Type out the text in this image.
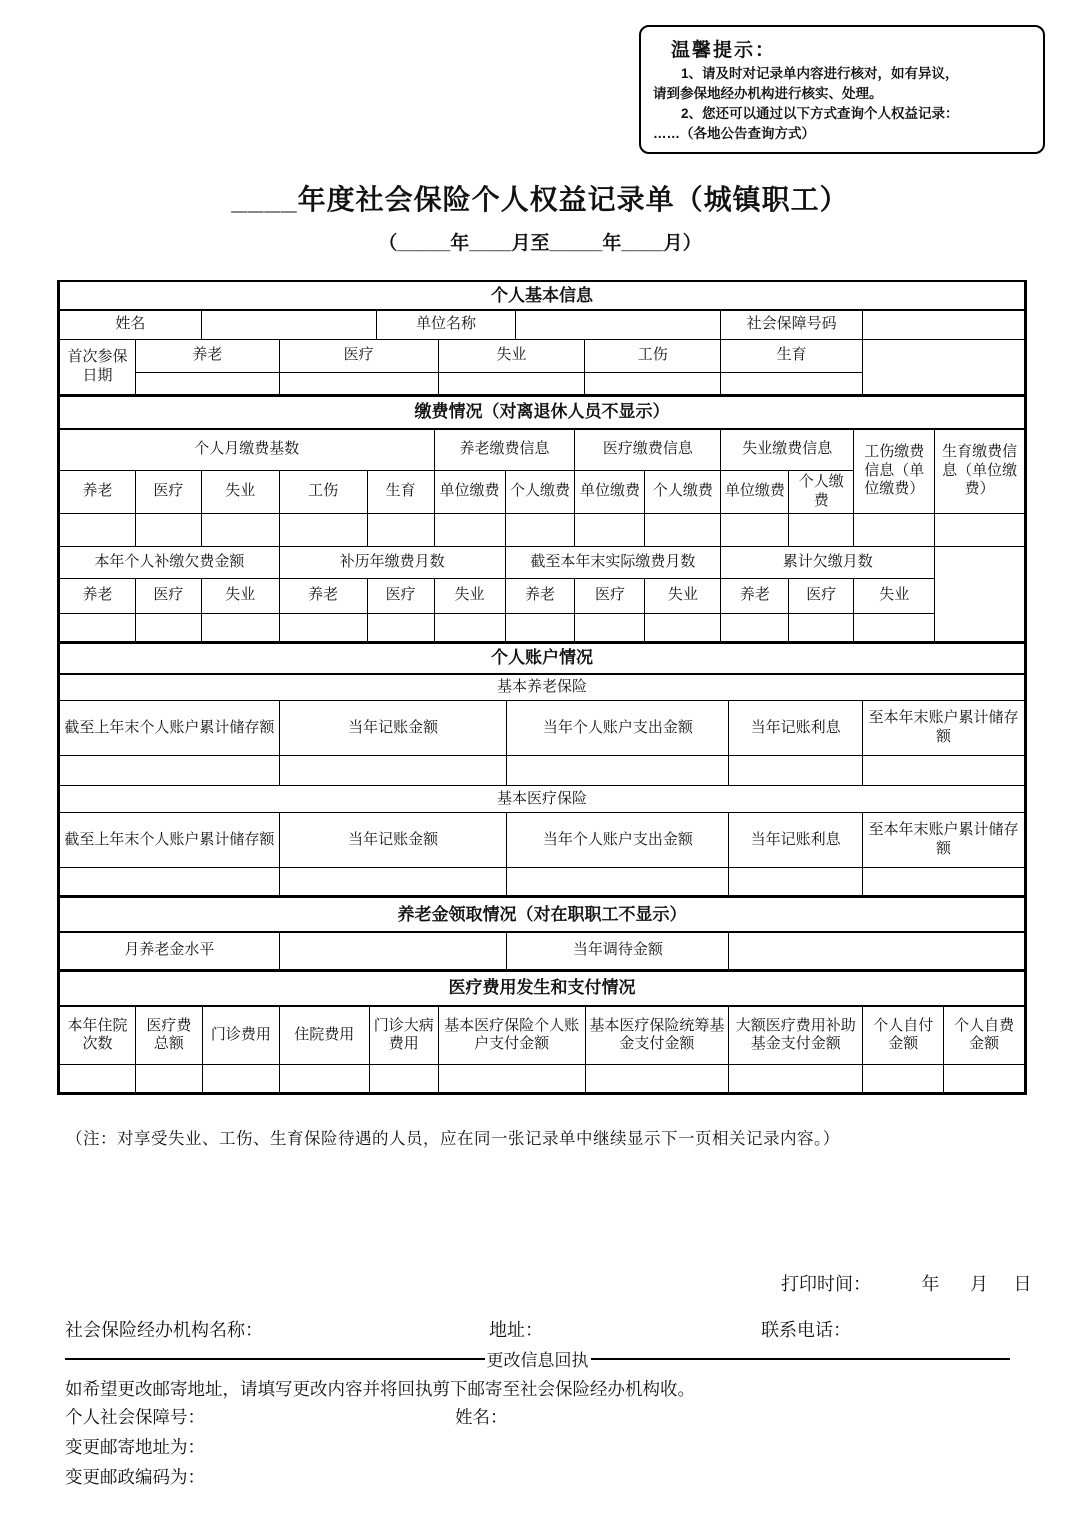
温馨提示：
1、请及时对记录单内容进行核对，如有异议，
请到参保地经办机构进行核实、处理。
2、您还可以通过以下方式查询个人权益记录：
……（各地公告查询方式）
____年度社会保险个人权益记录单（城镇职工）
（_____年____月至_____年____月）
个人基本信息									
姓名				单位名称				社会保障号码	
首次参保日期	养老		医疗		失业		工伤	生育	

缴费情况（对离退休人员不显示）												
个人月缴费基数					养老缴费信息		医疗缴费信息		失业缴费信息		工伤缴费信息（单位缴费）	生育缴费信息（单位缴费）
养老	医疗	失业	工伤	生育	单位缴费	个人缴费	单位缴费	个人缴费	单位缴费	个人缴费		

本年个人补缴欠费金额			补历年缴费月数			截至本年末实际缴费月数			累计欠缴月数			
养老	医疗	失业	养老	医疗	失业	养老	医疗	失业	养老	医疗	失业	

个人账户情况				
基本养老保险				
截至上年末个人账户累计储存额	当年记账金额	当年个人账户支出金额	当年记账利息	至本年末账户累计储存额

基本医疗保险				
截至上年末个人账户累计储存额	当年记账金额	当年个人账户支出金额	当年记账利息	至本年末账户累计储存额

养老金领取情况（对在职职工不显示）
月养老金水平		当年调待金额	
医疗费用发生和支付情况									
本年住院次数	医疗费总额	门诊费用	住院费用	门诊大病费用	基本医疗保险个人账户支付金额	基本医疗保险统筹基金支付金额	大额医疗费用补助基金支付金额	个人自付金额	个人自费金额

（注：对享受失业、工伤、生育保险待遇的人员，应在同一张记录单中继续显示下一页相关记录内容。）
打印时间：	年 月 日
社会保险经办机构名称：	地址：	联系电话：
更改信息回执
如希望更改邮寄地址，请填写更改内容并将回执剪下邮寄至社会保险经办机构收。
个人社会保障号：	姓名：
变更邮寄地址为：
变更邮政编码为：
